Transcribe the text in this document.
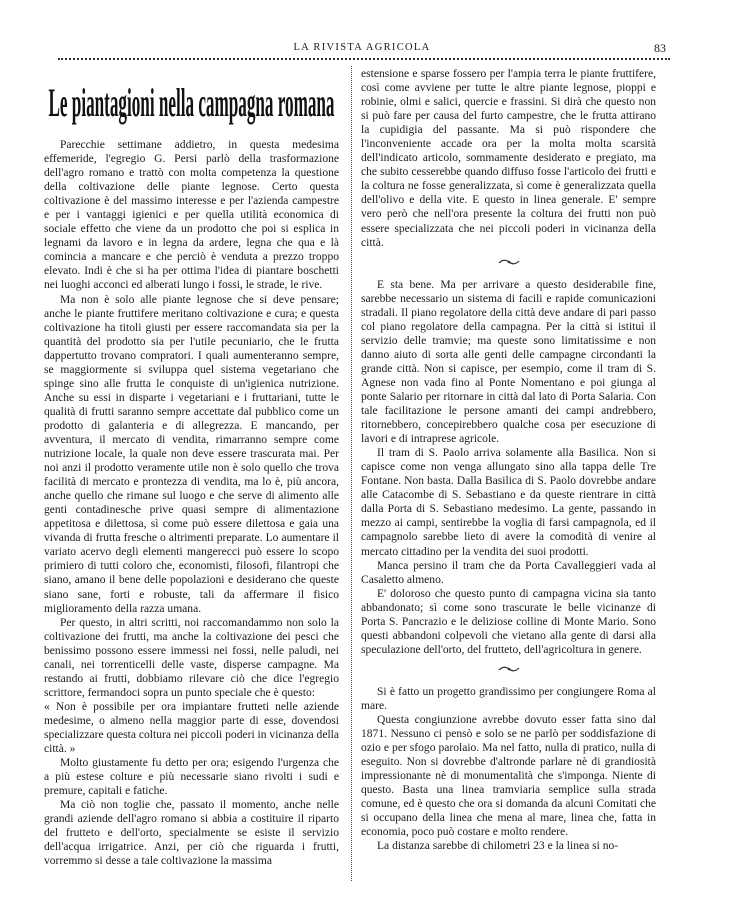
LA RIVISTA AGRICOLA	83
Le piantagioni nella campagna romana

Parecchie settimane addietro, in questa medesima effemeride, l'egregio G. Persi parlò della trasformazione dell'agro romano e trattò con molta competenza la questione della coltivazione delle piante legnose. Certo questa coltivazione è del massimo interesse e per l'azienda campestre e per i vantaggi igienici e per quella utilità economica di sociale effetto che viene da un prodotto che poi si esplica in legnami da lavoro e in legna da ardere, legna che qua e là comincia a mancare e che perciò è venduta a prezzo troppo elevato. Indi è che si ha per ottima l'idea di piantare boschetti nei luoghi acconci ed alberati lungo i fossi, le strade, le rive.

Ma non è solo alle piante legnose che si deve pensare; anche le piante fruttifere meritano coltivazione e cura; e questa coltivazione ha titoli giusti per essere raccomandata sia per la quantità del prodotto sia per l'utile pecuniario, che le frutta dappertutto trovano compratori. I quali aumenteranno sempre, se maggiormente si sviluppa quel sistema vegetariano che spinge sino alle frutta le conquiste di un'igienica nutrizione. Anche su essi in disparte i vegetariani e i fruttariani, tutte le qualità di frutti saranno sempre accettate dal pubblico come un prodotto di galanteria e di allegrezza. E mancando, per avventura, il mercato di vendita, rimarranno sempre come nutrizione locale, la quale non deve essere trascurata mai. Per noi anzi il prodotto veramente utile non è solo quello che trova facilità di mercato e prontezza di vendita, ma lo è, più ancora, anche quello che rimane sul luogo e che serve di alimento alle genti contadinesche prive quasi sempre di alimentazione appetitosa e dilettosa, sì come può essere dilettosa e gaia una vivanda di frutta fresche o altrimenti preparate. Lo aumentare il variato acervo degli elementi mangerecci può essere lo scopo primiero di tutti coloro che, economisti, filosofi, filantropi che siano, amano il bene delle popolazioni e desiderano che queste siano sane, forti e robuste, tali da affermare il fisico miglioramento della razza umana.

Per questo, in altri scritti, noi raccomandammo non solo la coltivazione dei frutti, ma anche la coltivazione dei pesci che benissimo possono essere immessi nei fossi, nelle paludi, nei canali, nei torrenticelli delle vaste, disperse campagne. Ma restando ai frutti, dobbiamo rilevare ciò che dice l'egregio scrittore, fermandoci sopra un punto speciale che è questo:

« Non è possibile per ora impiantare frutteti nelle aziende medesime, o almeno nella maggior parte di esse, dovendosi specializzare questa coltura nei piccoli poderi in vicinanza della città. »

Molto giustamente fu detto per ora; esigendo l'urgenza che a più estese colture e più necessarie siano rivolti i sudi e premure, capitali e fatiche.

Ma ciò non toglie che, passato il momento, anche nelle grandi aziende dell'agro romano si abbia a costituire il riparto del frutteto e dell'orto, specialmente se esiste il servizio dell'acqua irrigatrice. Anzi, per ciò che riguarda i frutti, vorremmo si desse a tale coltivazione la massima

estensione e sparse fossero per l'ampia terra le piante fruttifere, così come avviene per tutte le altre piante legnose, pioppi e robinie, olmi e salici, quercie e frassini. Si dirà che questo non si può fare per causa del furto campestre, che le frutta attirano la cupidigia del passante. Ma si può rispondere che l'inconveniente accade ora per la molta molta scarsità dell'indicato articolo, sommamente desiderato e pregiato, ma che subito cesserebbe quando diffuso fosse l'articolo dei frutti e la coltura ne fosse generalizzata, sì come è generalizzata quella dell'olivo e della vite. E questo in linea generale. E' sempre vero però che nell'ora presente la coltura dei frutti non può essere specializzata che nei piccoli poderi in vicinanza della città.

E sta bene. Ma per arrivare a questo desiderabile fine, sarebbe necessario un sistema di facili e rapide comunicazioni stradali. Il piano regolatore della città deve andare di pari passo col piano regolatore della campagna. Per la città si istituì il servizio delle tramvie; ma queste sono limitatissime e non danno aiuto di sorta alle genti delle campagne circondanti la grande città. Non si capisce, per esempio, come il tram di S. Agnese non vada fino al Ponte Nomentano e poi giunga al ponte Salario per ritornare in città dal lato di Porta Salaria. Con tale facilitazione le persone amanti dei campi andrebbero, ritornebbero, concepirebbero qualche cosa per esecuzione di lavori e di intraprese agricole.

Il tram di S. Paolo arriva solamente alla Basilica. Non si capisce come non venga allungato sino alla tappa delle Tre Fontane. Non basta. Dalla Basilica di S. Paolo dovrebbe andare alle Catacombe di S. Sebastiano e da queste rientrare in città dalla Porta di S. Sebastiano medesimo. La gente, passando in mezzo ai campi, sentirebbe la voglia di farsi campagnola, ed il campagnolo sarebbe lieto di avere la comodità di venire al mercato cittadino per la vendita dei suoi prodotti.

Manca persino il tram che da Porta Cavalleggieri vada al Casaletto almeno.

E' doloroso che questo punto di campagna vicina sia tanto abbandonato; sì come sono trascurate le belle vicinanze di Porta S. Pancrazio e le deliziose colline di Monte Mario. Sono questi abbandoni colpevoli che vietano alla gente di darsi alla speculazione dell'orto, del frutteto, dell'agricoltura in genere.

Si è fatto un progetto grandissimo per congiungere Roma al mare.

Questa congiunzione avrebbe dovuto esser fatta sino dal 1871. Nessuno ci pensò e solo se ne parlò per soddisfazione di ozio e per sfogo parolaio. Ma nel fatto, nulla di pratico, nulla di eseguito. Non si dovrebbe d'altronde parlare nè di grandiosità impressionante nè di monumentalità che s'imponga. Niente di questo. Basta una linea tramviaria semplice sulla strada comune, ed è questo che ora si domanda da alcuni Comitati che si occupano della linea che mena al mare, linea che, fatta in economia, poco può costare e molto rendere.

La distanza sarebbe di chilometri 23 e la linea si no-
